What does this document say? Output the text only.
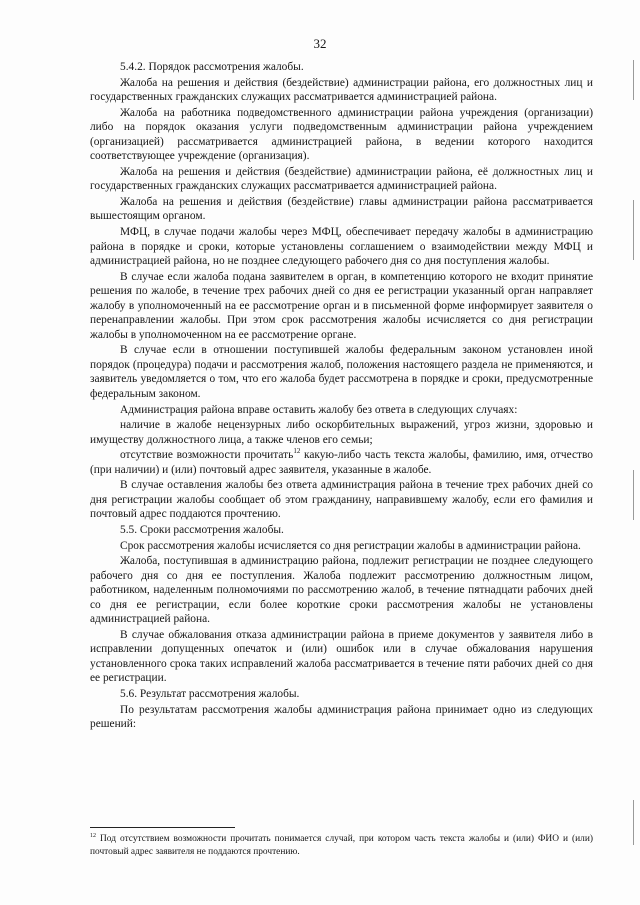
32

5.4.2. Порядок рассмотрения жалобы.

Жалоба на решения и действия (бездействие) администрации района, его должностных лиц и государственных гражданских служащих рассматривается администрацией района.

Жалоба на работника подведомственного администрации района учреждения (организации) либо на порядок оказания услуги подведомственным администрации района учреждением (организацией) рассматривается администрацией района, в ведении которого находится соответствующее учреждение (организация).

Жалоба на решения и действия (бездействие) администрации района, её должностных лиц и государственных гражданских служащих рассматривается администрацией района.

Жалоба на решения и действия (бездействие) главы администрации района рассматривается вышестоящим органом.

МФЦ, в случае подачи жалобы через МФЦ, обеспечивает передачу жалобы в администрацию района в порядке и сроки, которые установлены соглашением о взаимодействии между МФЦ и администрацией района, но не позднее следующего рабочего дня со дня поступления жалобы.

В случае если жалоба подана заявителем в орган, в компетенцию которого не входит принятие решения по жалобе, в течение трех рабочих дней со дня ее регистрации указанный орган направляет жалобу в уполномоченный на ее рассмотрение орган и в письменной форме информирует заявителя о перенаправлении жалобы. При этом срок рассмотрения жалобы исчисляется со дня регистрации жалобы в уполномоченном на ее рассмотрение органе.

В случае если в отношении поступившей жалобы федеральным законом установлен иной порядок (процедура) подачи и рассмотрения жалоб, положения настоящего раздела не применяются, и заявитель уведомляется о том, что его жалоба будет рассмотрена в порядке и сроки, предусмотренные федеральным законом.

Администрация района вправе оставить жалобу без ответа в следующих случаях:

наличие в жалобе нецензурных либо оскорбительных выражений, угроз жизни, здоровью и имуществу должностного лица, а также членов его семьи;

отсутствие возможности прочитать$^{12}$ какую-либо часть текста жалобы, фамилию, имя, отчество (при наличии) и (или) почтовый адрес заявителя, указанные в жалобе.

В случае оставления жалобы без ответа администрация района в течение трех рабочих дней со дня регистрации жалобы сообщает об этом гражданину, направившему жалобу, если его фамилия и почтовый адрес поддаются прочтению.

5.5. Сроки рассмотрения жалобы.

Срок рассмотрения жалобы исчисляется со дня регистрации жалобы в администрации района.

Жалоба, поступившая в администрацию района, подлежит регистрации не позднее следующего рабочего дня со дня ее поступления. Жалоба подлежит рассмотрению должностным лицом, работником, наделенным полномочиями по рассмотрению жалоб, в течение пятнадцати рабочих дней со дня ее регистрации, если более короткие сроки рассмотрения жалобы не установлены администрацией района.

В случае обжалования отказа администрации района в приеме документов у заявителя либо в исправлении допущенных опечаток и (или) ошибок или в случае обжалования нарушения установленного срока таких исправлений жалоба рассматривается в течение пяти рабочих дней со дня ее регистрации.

5.6. Результат рассмотрения жалобы.

По результатам рассмотрения жалобы администрация района принимает одно из следующих решений:

$^{12}$ Под отсутствием возможности прочитать понимается случай, при котором часть текста жалобы и (или) ФИО и (или) почтовый адрес заявителя не поддаются прочтению.
